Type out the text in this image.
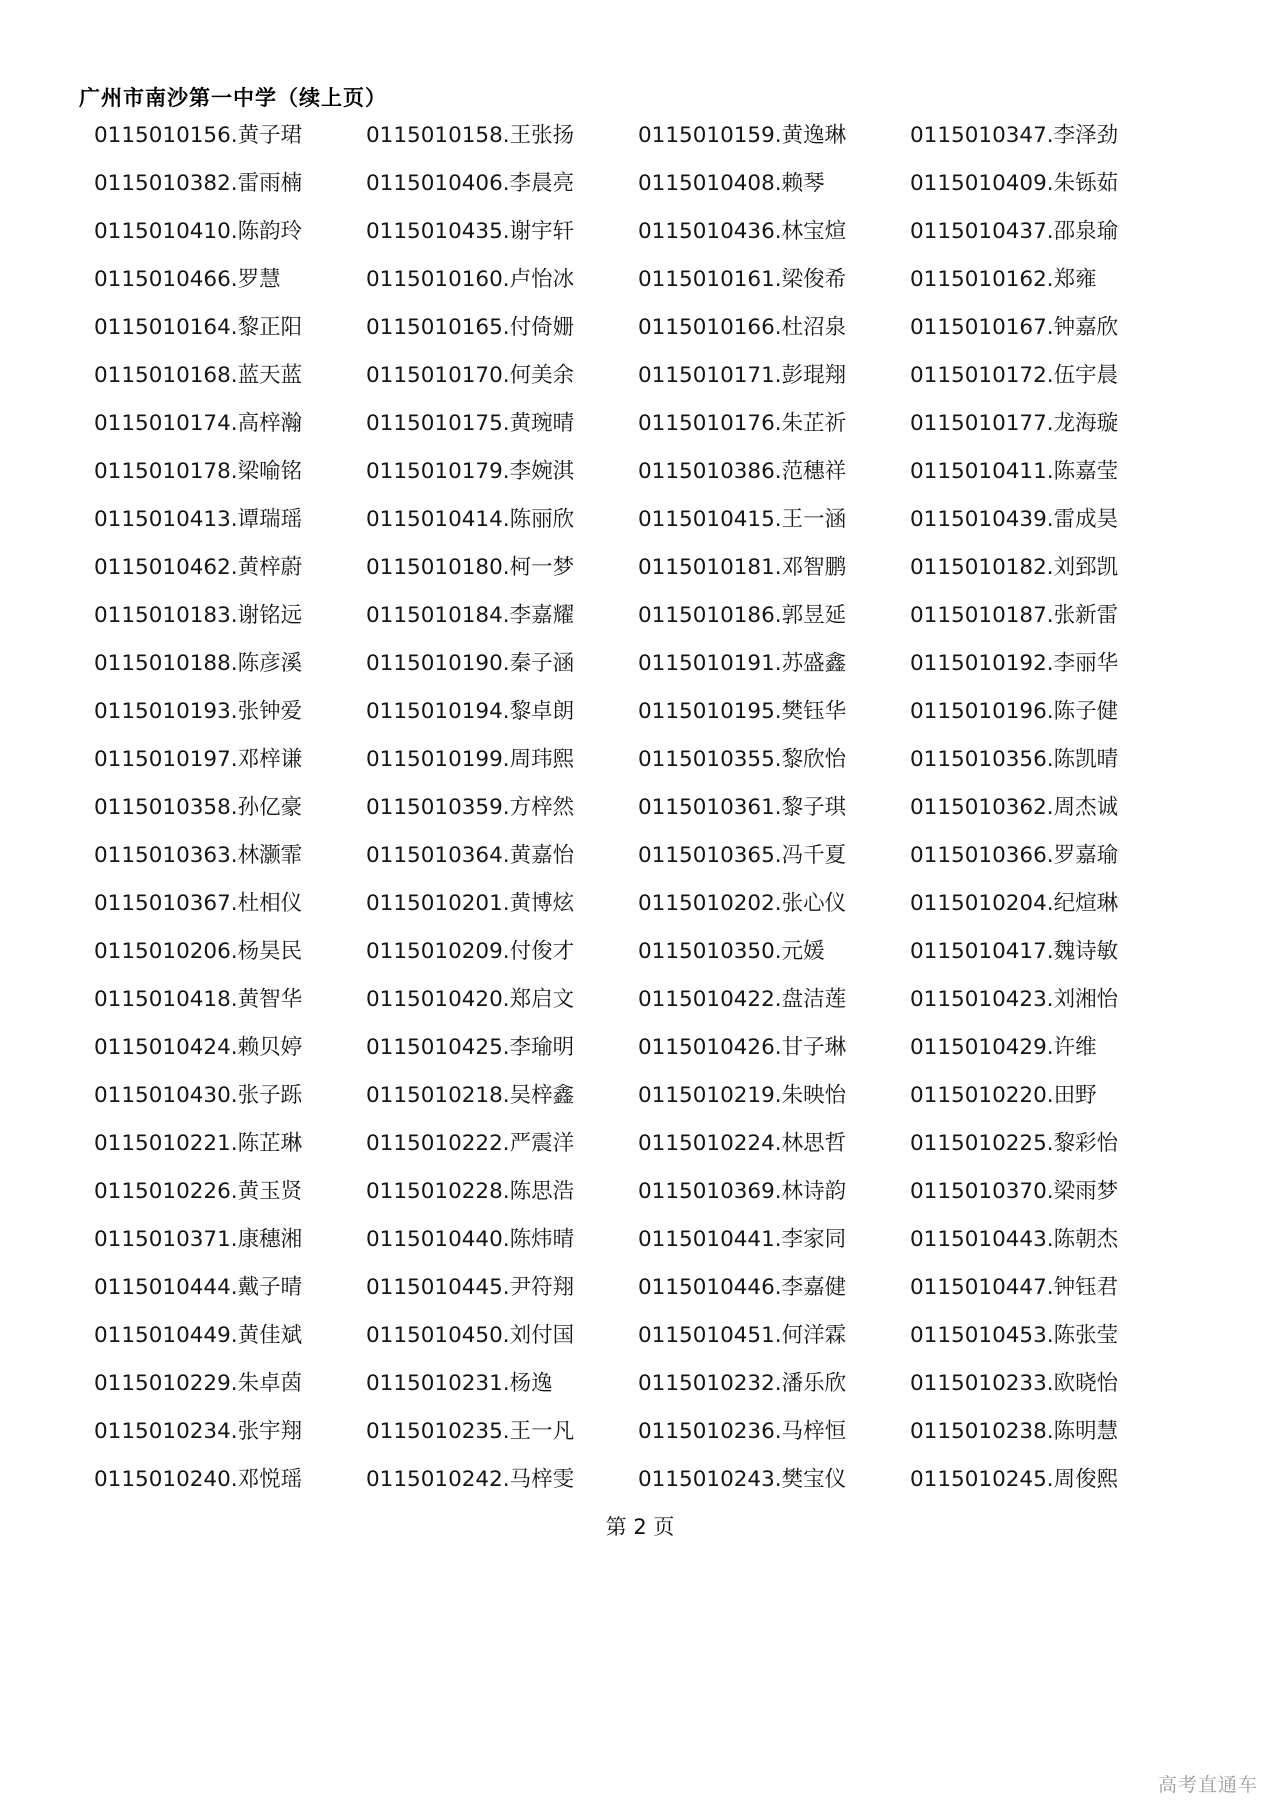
广州市南沙第一中学（续上页）
0115010156.黄子珺	0115010158.王张扬	0115010159.黄逸琳	0115010347.李泽劲
0115010382.雷雨楠	0115010406.李晨亮	0115010408.赖琴	0115010409.朱铄茹
0115010410.陈韵玲	0115010435.谢宇轩	0115010436.林宝煊	0115010437.邵泉瑜
0115010466.罗慧	0115010160.卢怡冰	0115010161.梁俊希	0115010162.郑雍
0115010164.黎正阳	0115010165.付倚姗	0115010166.杜沼泉	0115010167.钟嘉欣
0115010168.蓝天蓝	0115010170.何美余	0115010171.彭琨翔	0115010172.伍宇晨
0115010174.高梓瀚	0115010175.黄琬晴	0115010176.朱芷祈	0115010177.龙海璇
0115010178.梁喻铭	0115010179.李婉淇	0115010386.范穗祥	0115010411.陈嘉莹
0115010413.谭瑞瑶	0115010414.陈丽欣	0115010415.王一涵	0115010439.雷成昊
0115010462.黄梓蔚	0115010180.柯一梦	0115010181.邓智鹏	0115010182.刘郅凯
0115010183.谢铭远	0115010184.李嘉耀	0115010186.郭昱延	0115010187.张新雷
0115010188.陈彦溪	0115010190.秦子涵	0115010191.苏盛鑫	0115010192.李丽华
0115010193.张钟爱	0115010194.黎卓朗	0115010195.樊钰华	0115010196.陈子健
0115010197.邓梓谦	0115010199.周玮熙	0115010355.黎欣怡	0115010356.陈凯晴
0115010358.孙亿豪	0115010359.方梓然	0115010361.黎子琪	0115010362.周杰诚
0115010363.林灏霏	0115010364.黄嘉怡	0115010365.冯千夏	0115010366.罗嘉瑜
0115010367.杜相仪	0115010201.黄博炫	0115010202.张心仪	0115010204.纪煊琳
0115010206.杨昊民	0115010209.付俊才	0115010350.元媛	0115010417.魏诗敏
0115010418.黄智华	0115010420.郑启文	0115010422.盘洁莲	0115010423.刘湘怡
0115010424.赖贝婷	0115010425.李瑜明	0115010426.甘子琳	0115010429.许维
0115010430.张子跞	0115010218.吴梓鑫	0115010219.朱映怡	0115010220.田野
0115010221.陈芷琳	0115010222.严震洋	0115010224.林思哲	0115010225.黎彩怡
0115010226.黄玉贤	0115010228.陈思浩	0115010369.林诗韵	0115010370.梁雨梦
0115010371.康穗湘	0115010440.陈炜晴	0115010441.李家同	0115010443.陈朝杰
0115010444.戴子晴	0115010445.尹符翔	0115010446.李嘉健	0115010447.钟钰君
0115010449.黄佳斌	0115010450.刘付国	0115010451.何洋霖	0115010453.陈张莹
0115010229.朱卓茵	0115010231.杨逸	0115010232.潘乐欣	0115010233.欧晓怡
0115010234.张宇翔	0115010235.王一凡	0115010236.马梓恒	0115010238.陈明慧
0115010240.邓悦瑶	0115010242.马梓雯	0115010243.樊宝仪	0115010245.周俊熙
第 2 页
高考直通车
